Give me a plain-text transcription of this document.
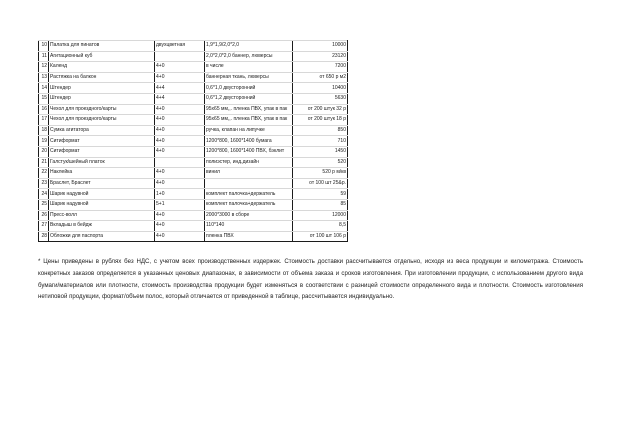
10	Палатка для пинатов	двухцветная	1,9*1,9/2,0*2,0	10000
11	Агитационный куб		2,0*2,0*2,0 баннер, люверсы	23120
12	Календ	4+0	в числе	7200
13	Растяжка на балкон	4+0	баннерная ткань, люверсы	от 650 р м2
14	Штендер	4+4	0,6*1,0 двусторонний	10400
15	Штендер	4+4	0,6*1,2 двусторонний	5630
16	Чехол для проездного/карты	4+0	95х65 мм,,. пленка ПВХ, упак в пак	от 200 штук 32 р
17	Чехол для проездного/карты	4+0	95х65 мм,,. пленка ПВХ, упак в пак	от 200 штук 18 р
18	Сумка агитатора	4+0	ручка, клапан на липучке	850
19	Ситиформат	4+0	1200*800, 1600*1400 бумага	710
20	Ситиформат	4+0	1200*800, 1600*1400 ПВХ, бэклит	1450
21	Галстук/шейный платок		полиэстер, инд.дизайн	520
22	Наклейка	4+0	винил	520 р м/кв
23	Браслет, Браслет	4+0		от 100 шт 25&р.
24	Шарик надувной	1+0	комплект палочка+держатель	59
25	Шарик надувной	5+1	комплект палочка+держатель	85
26	Пресс-волл	4+0	2000*3000 в сборе	12000
27	Вкладыш в бейдж	4+0	110*140	8,5
28	Обложки для паспорта	4+0	пленка ПВХ	от 100 шт 106 р

* Цены приведены в рублях без НДС, с учетом всех производственных издержек. Стоимость доставки рассчитывается отдельно, исходя из веса продукции и километража. Стоимость конкретных заказов определяется в указанных ценовых диапазонах, в зависимости от объема заказа и сроков изготовления. При изготовлении продукции, с использованием другого вида бумаги/материалов или плотности, стоимость производства продукции будет изменяться в соответствии с разницей стоимости определенного вида и плотности. Стоимость изготовления нетиповой продукции, формат/объем полос, который отличается от приведенной в таблице, рассчитывается индивидуально.
